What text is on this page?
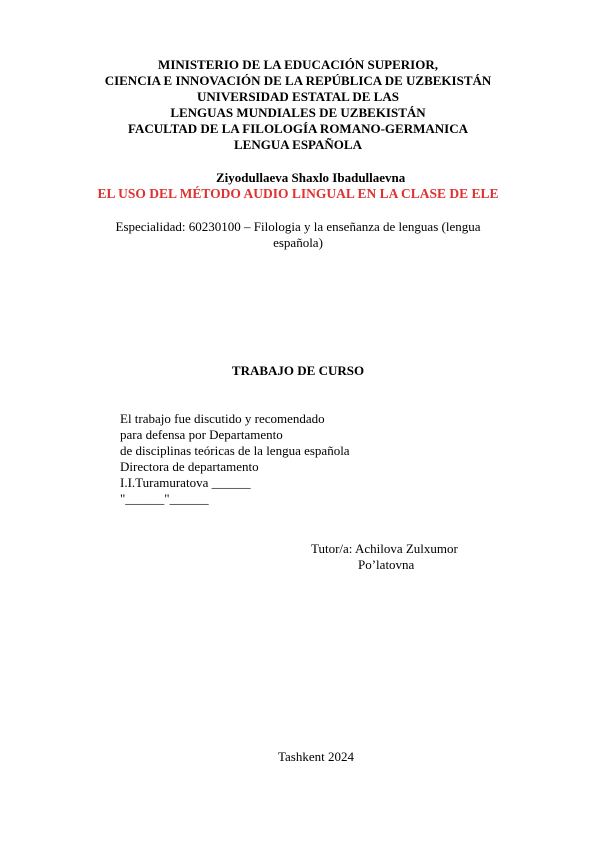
MINISTERIO DE LA EDUCACIÓN SUPERIOR,
CIENCIA E INNOVACIÓN DE LA REPÚBLICA DE UZBEKISTÁN
UNIVERSIDAD ESTATAL DE LAS
LENGUAS MUNDIALES DE UZBEKISTÁN
FACULTAD DE LA FILOLOGÍA ROMANO-GERMANICA
LENGUA ESPAÑOLA
Ziyodullaeva Shaxlo Ibadullaevna
EL USO DEL MÉTODO AUDIO LINGUAL EN LA CLASE DE ELE
Especialidad: 60230100 – Filologia y la enseñanza de lenguas (lengua
española)
TRABAJO DE CURSO
El trabajo fue discutido y recomendado
para defensa por Departamento
de disciplinas teóricas de la lengua española
Directora de departamento
I.I.Turamuratova ______
"______"______
Tutor/a: Achilova Zulxumor
Po’latovna
Tashkent 2024
